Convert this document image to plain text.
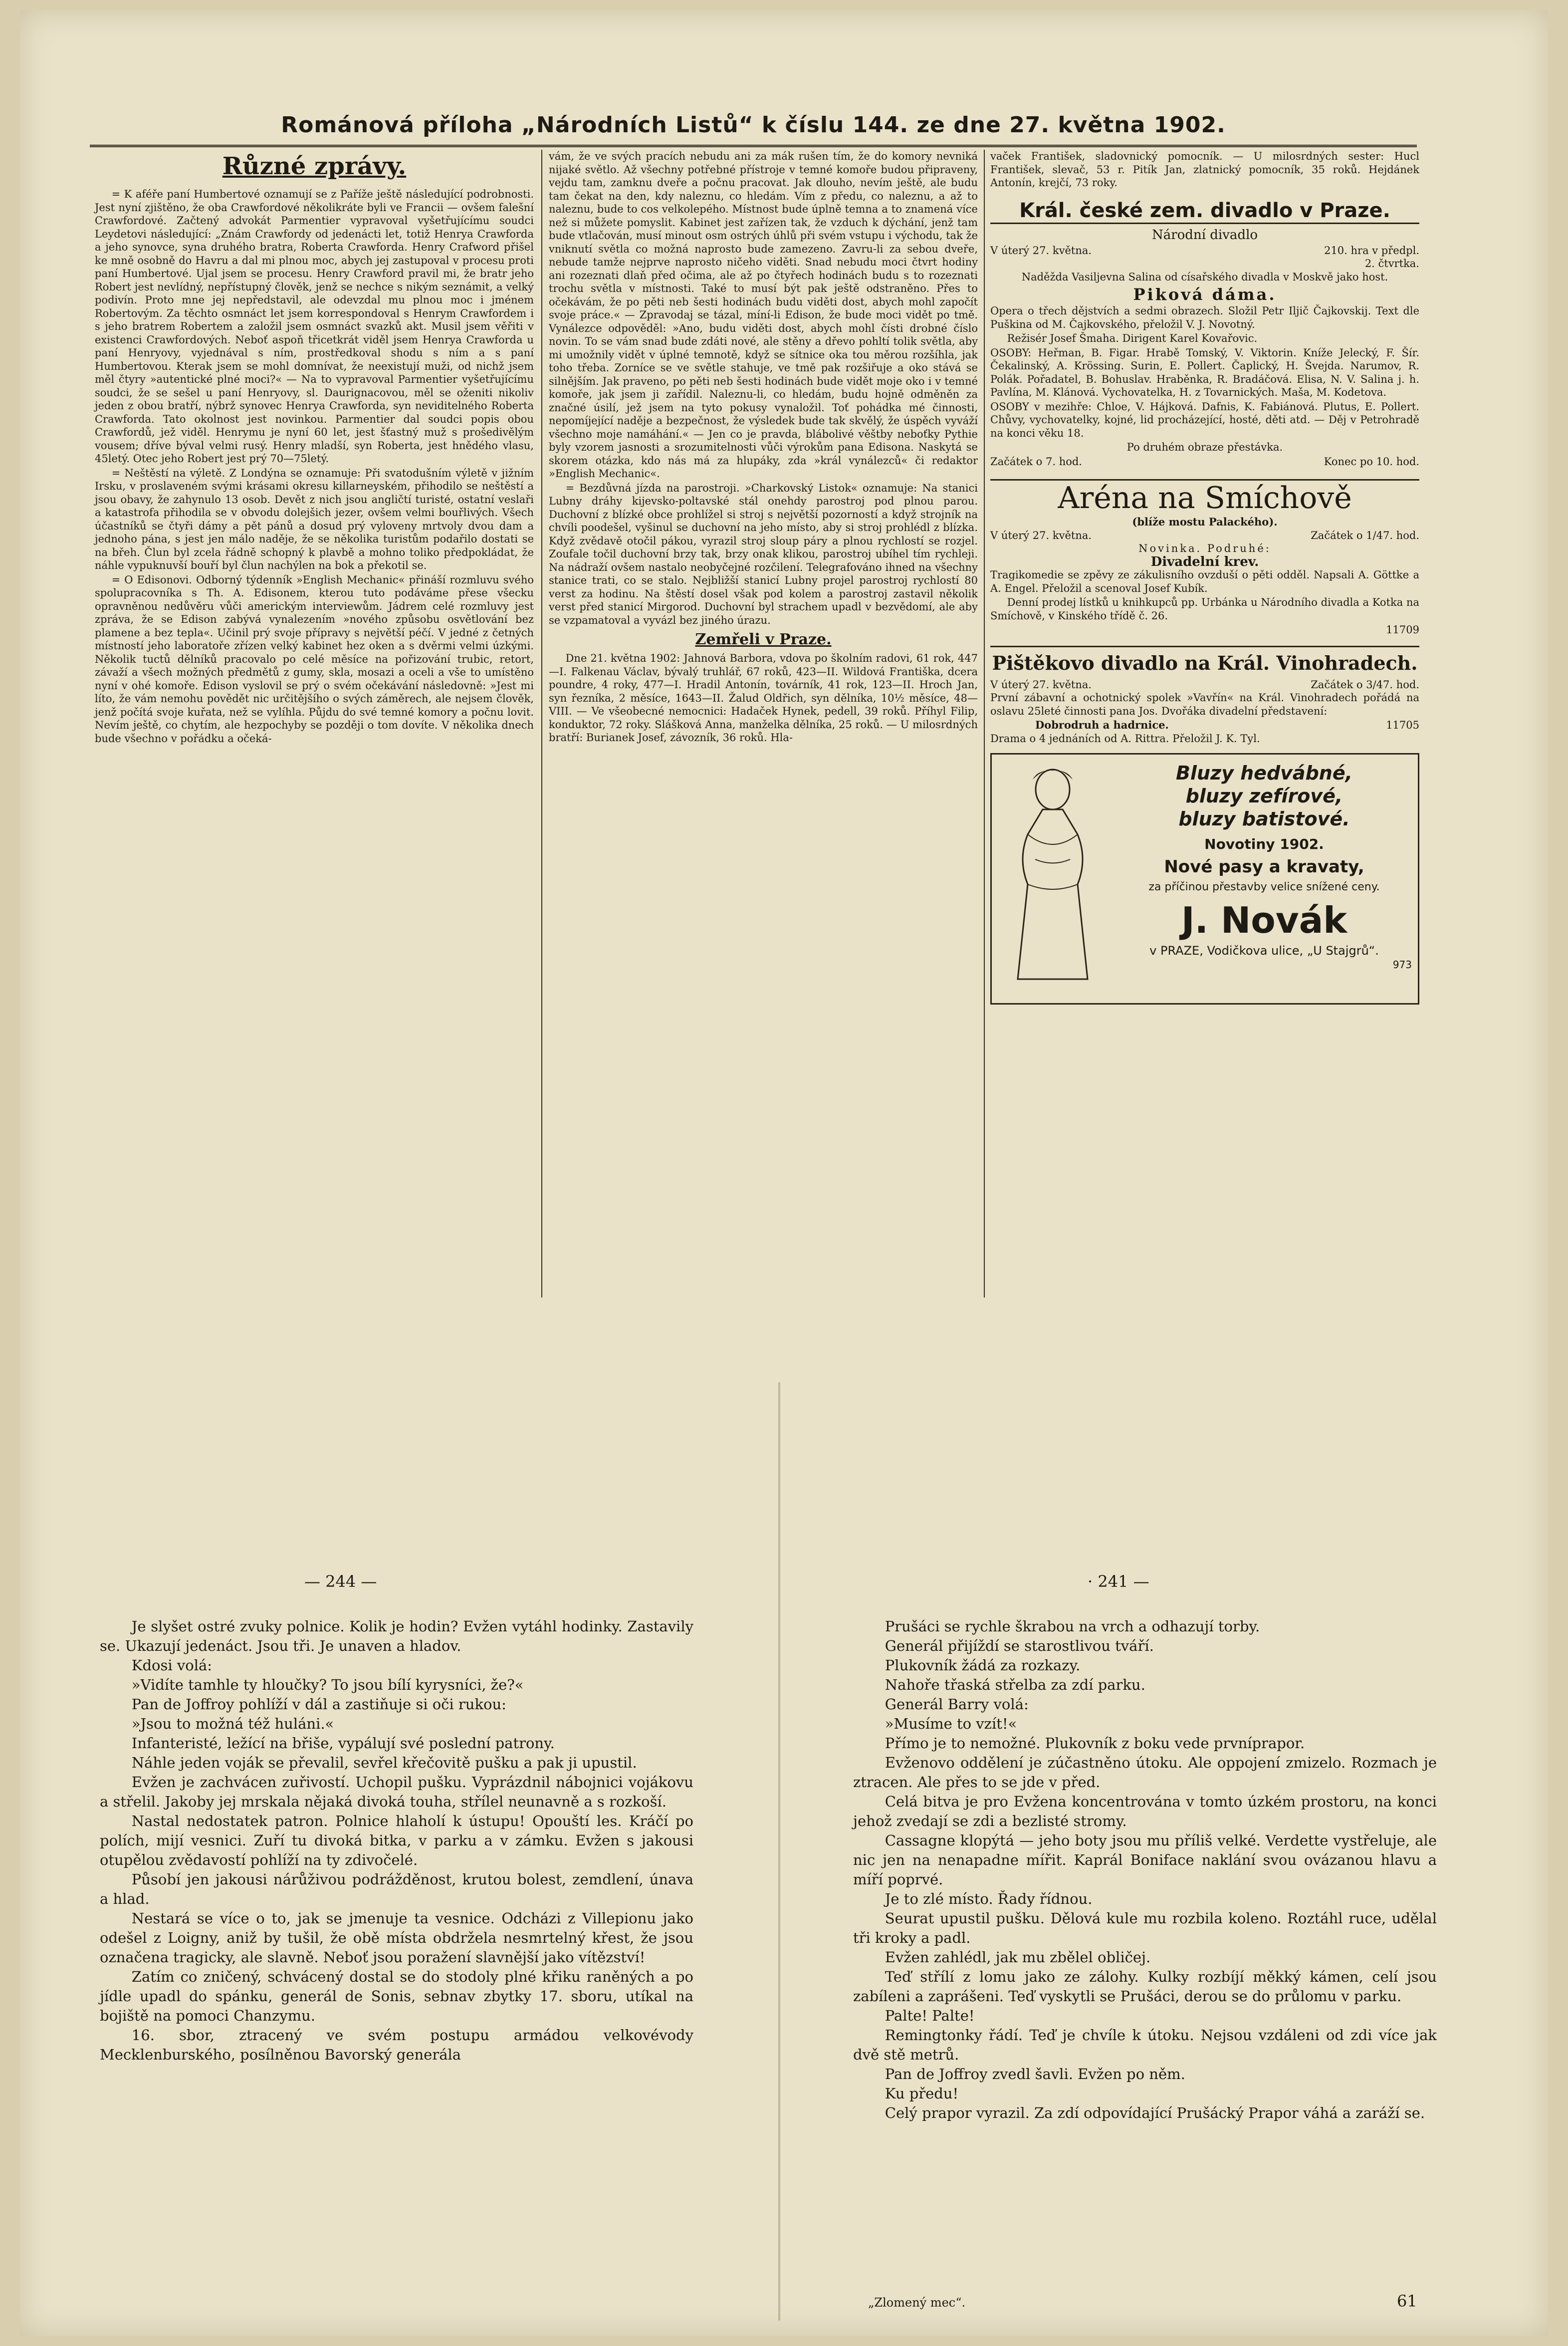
Románová příloha „Národních Listů“ k číslu 144. ze dne 27. května 1902.
Různé zprávy.

= K aféře paní Humbertové oznamují se z Paříže ještě následující podrobnosti. Jest nyní zjištěno, že oba Crawfordové několikráte byli ve Francii — ovšem falešní Crawfordové. Začtený advokát Parmentier vypravoval vyšetřujícímu soudci Leydetovi následující: „Znám Crawfordy od jedenácti let, totiž Henrya Crawforda a jeho synovce, syna druhého bratra, Roberta Crawforda. Henry Crafword přišel ke mně osobně do Havru a dal mi plnou moc, abych jej zastupoval v procesu proti paní Humbertové. Ujal jsem se procesu. Henry Crawford pravil mi, že bratr jeho Robert jest nevlídný, nepřístupný člověk, jenž se nechce s nikým seznámit, a velký podivín. Proto mne jej nepředstavil, ale odevzdal mu plnou moc i jménem Robertovým. Za těchto osmnáct let jsem korrespondoval s Henrym Crawfordem i s jeho bratrem Robertem a založil jsem osmnáct svazků akt. Musil jsem věřiti v existenci Crawfordových. Neboť aspoň třicetkrát viděl jsem Henrya Crawforda u paní Henryovy, vyjednával s ním, prostředkoval shodu s ním a s paní Humbertovou. Kterak jsem se mohl domnívat, že neexistují muži, od nichž jsem měl čtyry »autentické plné moci?« — Na to vypravoval Parmentier vyšetřujícímu soudci, že se sešel u paní Henryovy, sl. Daurignacovou, měl se oženiti nikoliv jeden z obou bratří, nýbrž synovec Henrya Crawforda, syn neviditelného Roberta Crawforda. Tato okolnost jest novinkou. Parmentier dal soudci popis obou Crawfordů, jež viděl. Henrymu je nyní 60 let, jest šťastný muž s prošedivělým vousem; dříve býval velmi rusý. Henry mladší, syn Roberta, jest hnědého vlasu, 45letý. Otec jeho Robert jest prý 70—75letý.

= Neštěstí na výletě. Z Londýna se oznamuje: Při svatodušním výletě v jižním Irsku, v proslaveném svými krásami okresu killarneyském, přihodilo se neštěstí a jsou obavy, že zahynulo 13 osob. Devět z nich jsou angličtí turisté, ostatní veslaři a katastrofa přihodila se v obvodu dolejšich jezer, ovšem velmi bouřlivých. Všech účastníků se čtyři dámy a pět pánů a dosud prý vyloveny mrtvoly dvou dam a jednoho pána, s jest jen málo naděje, že se několika turistům podařilo dostati se na břeh. Člun byl zcela řádně schopný k plavbě a mohno toliko předpokládat, že náhle vypuknuvší bouří byl člun nachýlen na bok a překotil se.

= O Edisonovi. Odborný týdenník »English Mechanic« přináší rozmluvu svého spolupracovníka s Th. A. Edisonem, kterou tuto podáváme přese všecku opravněnou nedůvěru vůči americkým interviewům. Jádrem celé rozmluvy jest zpráva, že se Edison zabývá vynalezením »nového způsobu osvětlování bez plamene a bez tepla«. Učinil prý svoje přípravy s největší péčí. V jedné z četných místností jeho laboratoře zřízen velký kabinet hez oken a s dvěrmi velmi úzkými. Několik tuctů dělníků pracovalo po celé měsíce na pořizování trubic, retort, závaží a všech možných předmětů z gumy, skla, mosazi a oceli a vše to umístěno nyní v ohé komoře. Edison vyslovil se prý o svém očekávání následovně: »Jest mi líto, že vám nemohu povědět nic určitějšího o svých záměrech, ale nejsem člověk, jenž počítá svoje kuřata, než se vylíhla. Půjdu do své temné komory a počnu lovit. Nevím ještě, co chytím, ale hezpochyby se později o tom dovíte. V několika dnech bude všechno v pořádku a očeká-

vám, že ve svých pracích nebudu ani za mák rušen tím, že do komory nevniká nijaké světlo. Až všechny potřebné přístroje v temné komoře budou připraveny, vejdu tam, zamknu dveře a počnu pracovat. Jak dlouho, nevím ještě, ale budu tam čekat na den, kdy naleznu, co hledám. Vím z předu, co naleznu, a až to naleznu, bude to cos velkolepého. Místnost bude úplně temna a to znamená více než si můžete pomyslit. Kabinet jest zařízen tak, že vzduch k dýchání, jenž tam bude vtlačován, musí minout osm ostrých úhlů při svém vstupu i východu, tak že vniknutí světla co možná naprosto bude zamezeno. Zavru-li za sebou dveře, nebude tamže nejprve naprosto ničeho viděti. Snad nebudu moci čtvrt hodiny ani rozeznati dlaň před očima, ale až po čtyřech hodinách budu s to rozeznati trochu světla v místnosti. Také to musí být pak ještě odstraněno. Přes to očekávám, že po pěti neb šesti hodinách budu viděti dost, abych mohl započít svoje práce.« — Zpravodaj se tázal, míní-li Edison, že bude moci vidět po tmě. Vynálezce odpověděl: »Ano, budu viděti dost, abych mohl čísti drobné číslo novin. To se vám snad bude zdáti nové, ale stěny a dřevo pohltí tolik světla, aby mi umožnily vidět v úplné temnotě, když se sítnice oka tou měrou rozšíhla, jak toho třeba. Zorníce se ve světle stahuje, ve tmě pak rozšiřuje a oko stává se silnějším. Jak praveno, po pěti neb šesti hodinách bude vidět moje oko i v temné komoře, jak jsem ji zařídil. Naleznu-li, co hledám, budu hojně odměněn za značné úsilí, jež jsem na tyto pokusy vynaložil. Toť pohádka mé činnosti, nepomíjející naděje a bezpečnost, že výsledek bude tak skvělý, že úspěch vyváží všechno moje namáhání.« — Jen co je pravda, blábolivé věštby neboťky Pythie byly vzorem jasnosti a srozumitelnosti vůči výrokům pana Edisona. Naskytá se skorem otázka, kdo nás má za hlupáky, zda »král vynálezců« či redaktor »English Mechanic«.

= Bezdůvná jízda na parostroji. »Charkovský Listok« oznamuje: Na stanici Lubny dráhy kijevsko-poltavské stál onehdy parostroj pod plnou parou. Duchovní z blízké obce prohlížel si stroj s největší pozorností a když strojník na chvíli poodešel, vyšinul se duchovní na jeho místo, aby si stroj prohlédl z blízka. Když zvědavě otočil pákou, vyrazil stroj sloup páry a plnou rychlostí se rozjel. Zoufale točil duchovní brzy tak, brzy onak klikou, parostroj ubíhel tím rychleji. Na nádraží ovšem nastalo neobyčejné rozčilení. Telegrafováno ihned na všechny stanice trati, co se stalo. Nejbližší stanicí Lubny projel parostroj rychlostí 80 verst za hodinu. Na štěstí dosel však pod kolem a parostroj zastavil několik verst před stanicí Mirgorod. Duchovní byl strachem upadl v bezvědomí, ale aby se vzpamatoval a vyvázl bez jiného úrazu.

Zemřeli v Praze.

Dne 21. května 1902: Jahnová Barbora, vdova po školním radovi, 61 rok, 447—I. Falkenau Václav, bývalý truhlář, 67 roků, 423—II. Wildová Františka, dcera poundre, 4 roky, 477—I. Hradil Antonín, továrník, 41 rok, 123—II. Hroch Jan, syn řezníka, 2 měsíce, 1643—II. Žalud Oldřich, syn dělníka, 10½ měsíce, 48—VIII. — Ve všeobecné nemocnici: Hadaček Hynek, pedell, 39 roků. Příhyl Filip, konduktor, 72 roky. Slášková Anna, manželka dělníka, 25 roků. — U milosrdných bratří: Burianek Josef, závozník, 36 roků. Hla-

vaček František, sladovnický pomocník. — U milosrdných sester: Hucl František, slevač, 53 r. Pitík Jan, zlatnický pomocník, 35 roků. Hejdánek Antonín, krejčí, 73 roky.

Král. české zem. divadlo v Praze.

Národní divadlo

V úterý 27. května.	210. hra v předpl.
2. čtvrtka.

Naděžda Vasiljevna Salina od císařského divadla v Moskvě jako host.

Piková dáma.

Opera o třech dějstvích a sedmi obrazech. Složil Petr Iljič Čajkovskij. Text dle Puškina od M. Čajkovského, přeložil V. J. Novotný.

Režisér Josef Šmaha. Dirigent Karel Kovařovic.

OSOBY: Heřman, B. Figar. Hrabě Tomský, V. Viktorin. Kníže Jelecký, F. Šír. Čekalinský, A. Krössing. Surin, E. Pollert. Čaplický, H. Švejda. Narumov, R. Polák. Pořadatel, B. Bohuslav. Hraběnka, R. Bradáčová. Elisa, N. V. Salina j. h. Pavlína, M. Klánová. Vychovatelka, H. z Tovarnických. Maša, M. Kodetova.

OSOBY v mezihře: Chloe, V. Hájková. Dafnis, K. Fabiánová. Plutus, E. Pollert. Chůvy, vychovatelky, kojné, lid procházející, hosté, děti atd. — Děj v Petrohradě na konci věku 18.

Po druhém obraze přestávka.

Začátek o 7. hod.	Konec po 10. hod.
Aréna na Smíchově
(blíže mostu Palackého).
V úterý 27. května.	Začátek o 1/47. hod.
Novinka. Podruhé:
Divadelní krev.

Tragikomedie se zpěvy ze zákulisního ovzduší o pěti odděl. Napsali A. Göttke a A. Engel. Přeložil a scenoval Josef Kubík.

Denní prodej lístků u knihkupců pp. Urbánka u Národního divadla a Kotka na Smíchově, v Kinského třídě č. 26.

11709
Pištěkovo divadlo na Král. Vinohradech.
V úterý 27. května.	Začátek o 3/47. hod.

První zábavní a ochotnický spolek »Vavřín« na Král. Vinohradech pořádá na oslavu 25leté činnosti pana Jos. Dvořáka divadelní představení:

Dobrodruh a hadrnice.	11705
Drama o 4 jednáních od A. Rittra. Přeložil J. K. Tyl.
Bluzy hedvábné,
bluzy zefírové,
bluzy batistové.
Novotiny 1902.
Nové pasy a kravaty,
za příčinou přestavby velice snížené ceny.
J. Novák
v PRAZE, Vodičkova ulice, „U Stajgrů“.
973
— 244 —

Je slyšet ostré zvuky polnice. Kolik je hodin? Evžen vytáhl hodinky. Zastavily se. Ukazují jedenáct. Jsou tři. Je unaven a hladov.

Kdosi volá:

»Vidíte tamhle ty hloučky? To jsou bílí kyrysníci, že?«

Pan de Joffroy pohlíží v dál a zastiňuje si oči rukou:

»Jsou to možná též huláni.«

Infanteristé, ležící na břiše, vypálují své poslední patrony.

Náhle jeden voják se převalil, sevřel křečovitě pušku a pak ji upustil.

Evžen je zachvácen zuřivostí. Uchopil pušku. Vyprázdnil nábojnici vojákovu a střelil. Jakoby jej mrskala nějaká divoká touha, střílel neunavně a s rozkoší.

Nastal nedostatek patron. Polnice hlaholí k ústupu! Opouští les. Kráčí po polích, mijí vesnici. Zuří tu divoká bitka, v parku a v zámku. Evžen s jakousi otupělou zvědavostí pohlíží na ty zdivočelé.

Působí jen jakousi nárůživou podrážděnost, krutou bolest, zemdlení, únava a hlad.

Nestará se více o to, jak se jmenuje ta vesnice. Odcházi z Villepionu jako odešel z Loigny, aniž by tušil, že obě místa obdržela nesmrtelný křest, že jsou označena tragicky, ale slavně. Neboť jsou poražení slavnější jako vítězství!

Zatím co zničený, schvácený dostal se do stodoly plné křiku raněných a po jídle upadl do spánku, generál de Sonis, sebnav zbytky 17. sboru, utíkal na bojiště na pomoci Chanzymu.

16. sbor, ztracený ve svém postupu armádou velkovévody Mecklenburského, posílněnou Bavorský generála

· 241 —

Prušáci se rychle škrabou na vrch a odhazují torby.

Generál přijíždí se starostlivou tváří.

Plukovník žádá za rozkazy.

Nahoře třaská střelba za zdí parku.

Generál Barry volá:

»Musíme to vzít!«

Přímo je to nemožné. Plukovník z boku vede prvníprapor.

Evženovo oddělení je zúčastněno útoku. Ale oppojení zmizelo. Rozmach je ztracen. Ale přes to se jde v před.

Celá bitva je pro Evžena koncentrována v tomto úzkém prostoru, na konci jehož zvedají se zdi a bezlisté stromy.

Cassagne klopýtá — jeho boty jsou mu příliš velké. Verdette vystřeluje, ale nic jen na nenapadne mířit. Kaprál Boniface naklání svou ovázanou hlavu a míří poprvé.

Je to zlé místo. Řady řídnou.

Seurat upustil pušku. Dělová kule mu rozbila koleno. Roztáhl ruce, udělal tři kroky a padl.

Evžen zahlédl, jak mu zbělel obličej.

Teď střílí z lomu jako ze zálohy. Kulky rozbíjí měkký kámen, celí jsou zabíleni a zaprášeni. Teď vyskytli se Prušáci, derou se do průlomu v parku.

Palte! Palte!

Remingtonky řádí. Teď je chvíle k útoku. Nejsou vzdáleni od zdi více jak dvě stě metrů.

Pan de Joffroy zvedl šavli. Evžen po něm.

Ku předu!

Celý prapor vyrazil. Za zdí odpovídající Prušácký Prapor váhá a zaráží se.

„Zlomený mec“.	61
